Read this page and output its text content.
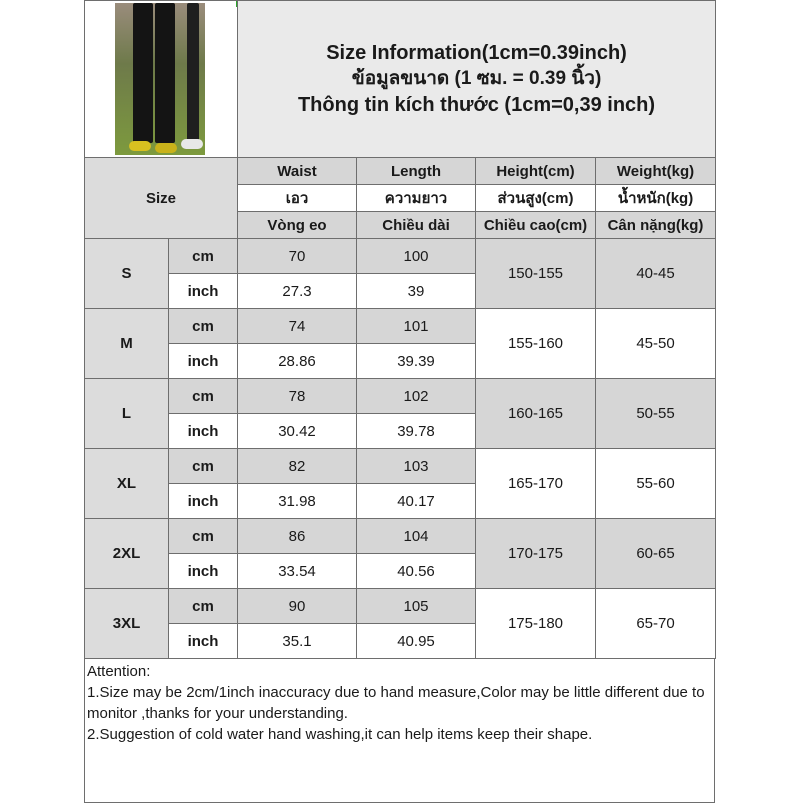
		Size Information(1cm=0.39inch)
ข้อมูลขนาด (1 ซม. = 0.39 นิ้ว)
Thông tin kích thước (1cm=0,39 inch)			

Size		Waist	Length	Height(cm)	Weight(kg)
		เอว	ความยาว	ส่วนสูง(cm)	น้ำหนัก(kg)
		Vòng eo	Chiều dài	Chiều cao(cm)	Cân nặng(kg)
S	cm	70	100	150-155	40-45
	inch	27.3	39		
M	cm	74	101	155-160	45-50
	inch	28.86	39.39		
L	cm	78	102	160-165	50-55
	inch	30.42	39.78		
XL	cm	82	103	165-170	55-60
	inch	31.98	40.17		
2XL	cm	86	104	170-175	60-65
	inch	33.54	40.56		
3XL	cm	90	105	175-180	65-70
	inch	35.1	40.95		

Attention:

1.Size may be 2cm/1inch inaccuracy due to hand measure,Color may be little different due to monitor ,thanks for your understanding.

2.Suggestion of cold water hand washing,it can help items keep their shape.
